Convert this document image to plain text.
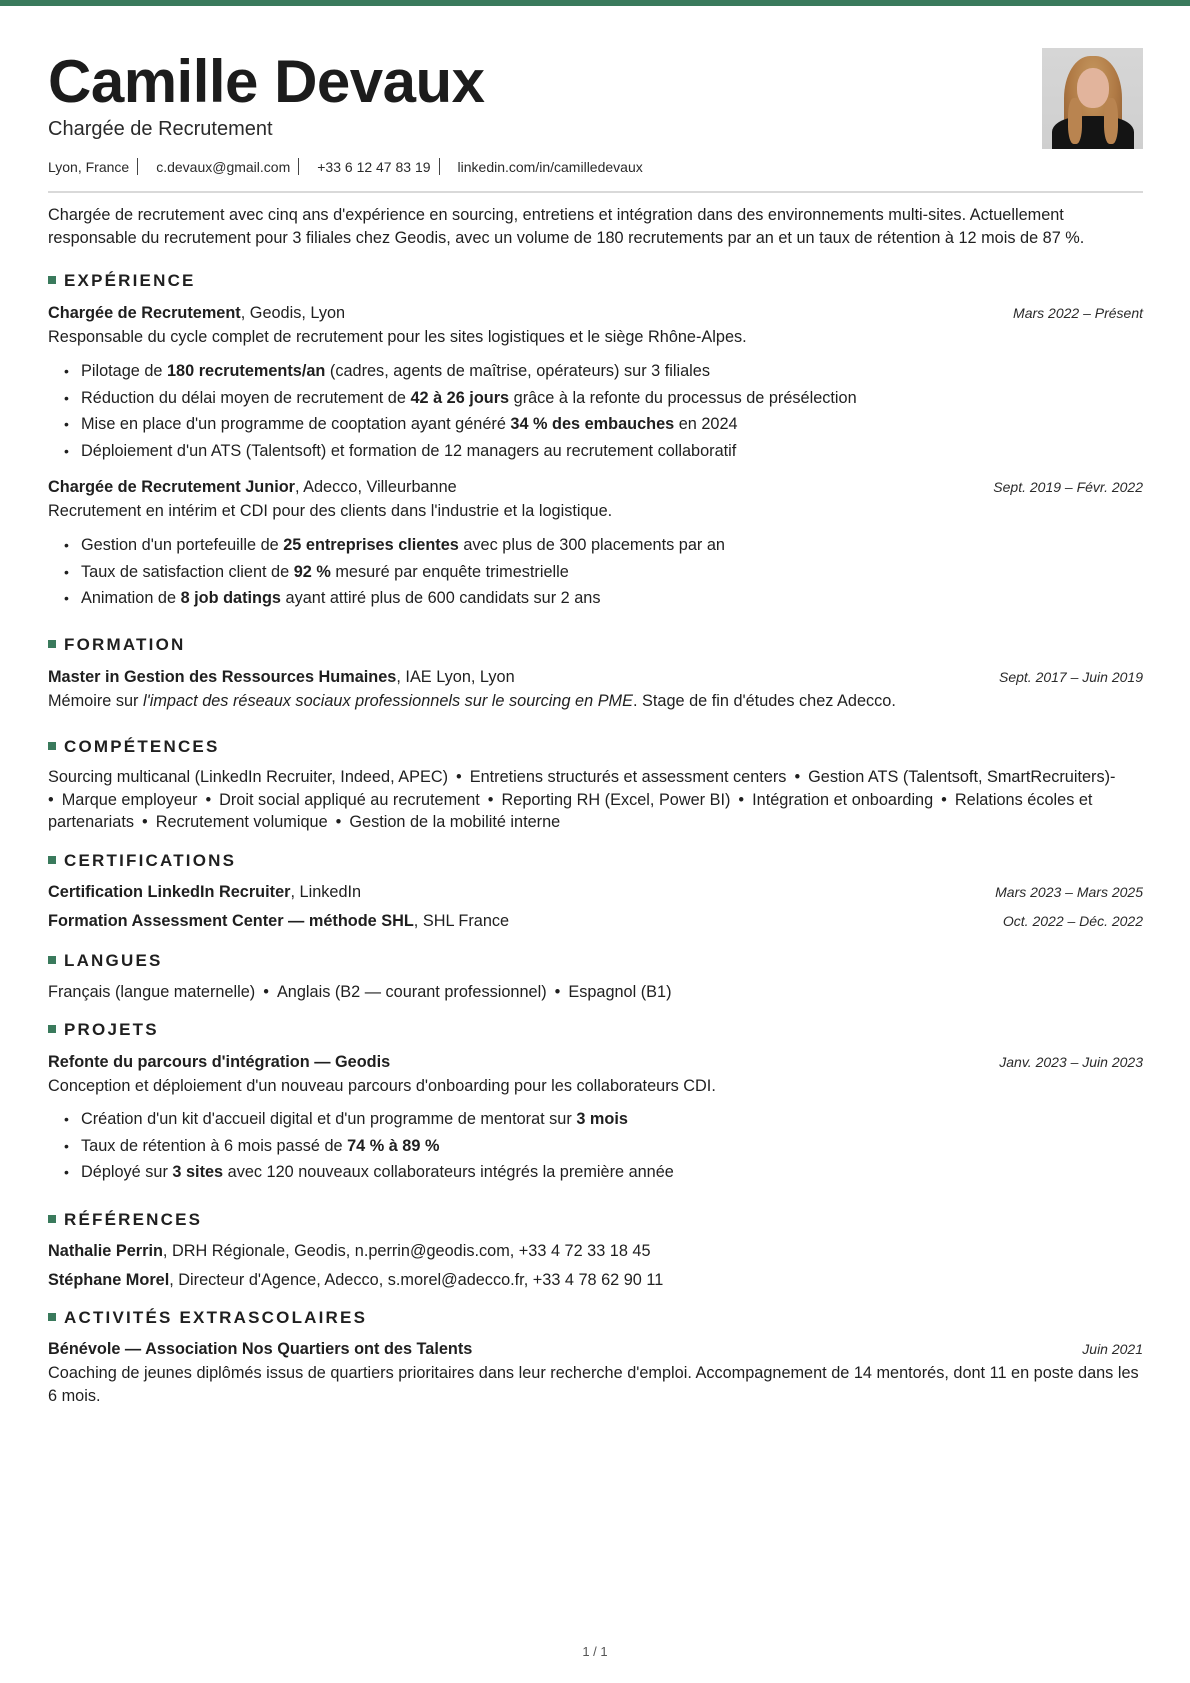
Camille Devaux
Chargée de Recrutement
Lyon, France c.devaux@gmail.com +33 6 12 47 83 19 linkedin.com/in/camilledevaux
Chargée de recrutement avec cinq ans d'expérience en sourcing, entretiens et intégration dans des environnements multi-sites. Actuellement responsable du recrutement pour 3 filiales chez Geodis, avec un volume de 180 recrutements par an et un taux de rétention à 12 mois de 87 %.
EXPÉRIENCE
Chargée de Recrutement, Geodis, Lyon	Mars 2022 – Présent
Responsable du cycle complet de recrutement pour les sites logistiques et le siège Rhône-Alpes.
• Pilotage de 180 recrutements/an (cadres, agents de maîtrise, opérateurs) sur 3 filiales
• Réduction du délai moyen de recrutement de 42 à 26 jours grâce à la refonte du processus de présélection
• Mise en place d'un programme de cooptation ayant généré 34 % des embauches en 2024
• Déploiement d'un ATS (Talentsoft) et formation de 12 managers au recrutement collaboratif
Chargée de Recrutement Junior, Adecco, Villeurbanne	Sept. 2019 – Févr. 2022
Recrutement en intérim et CDI pour des clients dans l'industrie et la logistique.
• Gestion d'un portefeuille de 25 entreprises clientes avec plus de 300 placements par an
• Taux de satisfaction client de 92 % mesuré par enquête trimestrielle
• Animation de 8 job datings ayant attiré plus de 600 candidats sur 2 ans
FORMATION
Master in Gestion des Ressources Humaines, IAE Lyon, Lyon	Sept. 2017 – Juin 2019
Mémoire sur l'impact des réseaux sociaux professionnels sur le sourcing en PME. Stage de fin d'études chez Adecco.
COMPÉTENCES
Sourcing multicanal (LinkedIn Recruiter, Indeed, APEC) • Entretiens structurés et assessment centers • Gestion ATS (Talentsoft, SmartRecruiters)-
• Marque employeur • Droit social appliqué au recrutement • Reporting RH (Excel, Power BI) • Intégration et onboarding • Relations écoles et partenariats • Recrutement volumique • Gestion de la mobilité interne
CERTIFICATIONS
Certification LinkedIn Recruiter, LinkedIn	Mars 2023 – Mars 2025
Formation Assessment Center — méthode SHL, SHL France	Oct. 2022 – Déc. 2022
LANGUES
Français (langue maternelle) • Anglais (B2 — courant professionnel) • Espagnol (B1)
PROJETS
Refonte du parcours d'intégration — Geodis	Janv. 2023 – Juin 2023
Conception et déploiement d'un nouveau parcours d'onboarding pour les collaborateurs CDI.
• Création d'un kit d'accueil digital et d'un programme de mentorat sur 3 mois
• Taux de rétention à 6 mois passé de 74 % à 89 %
• Déployé sur 3 sites avec 120 nouveaux collaborateurs intégrés la première année
RÉFÉRENCES
Nathalie Perrin, DRH Régionale, Geodis, n.perrin@geodis.com, +33 4 72 33 18 45
Stéphane Morel, Directeur d'Agence, Adecco, s.morel@adecco.fr, +33 4 78 62 90 11
ACTIVITÉS EXTRASCOLAIRES
Bénévole — Association Nos Quartiers ont des Talents	Juin 2021
Coaching de jeunes diplômés issus de quartiers prioritaires dans leur recherche d'emploi. Accompagnement de 14 mentorés, dont 11 en poste dans les 6 mois.
1 / 1
